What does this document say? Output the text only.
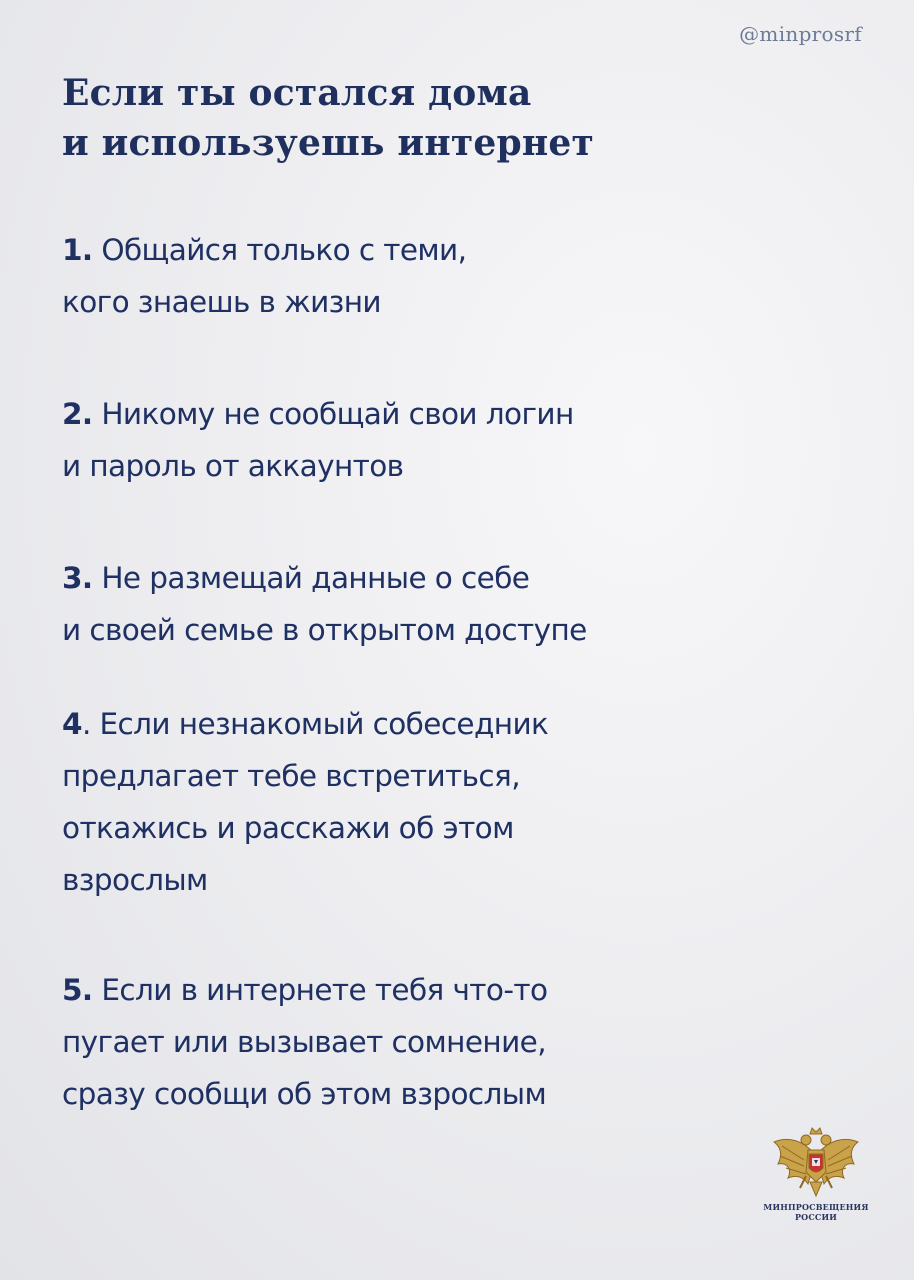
@minprosrf
Если ты остался дома
и используешь интернет
1. Общайся только с теми,
кого знаешь в жизни
2. Никому не сообщай свои логин
и пароль от аккаунтов
3. Не размещай данные о себе
и своей семье в открытом доступе
4. Если незнакомый собеседник
предлагает тебе встретиться,
откажись и расскажи об этом
взрослым
5. Если в интернете тебя что-то
пугает или вызывает сомнение,
сразу сообщи об этом взрослым
МИНПРОСВЕЩЕНИЯ
РОССИИ
